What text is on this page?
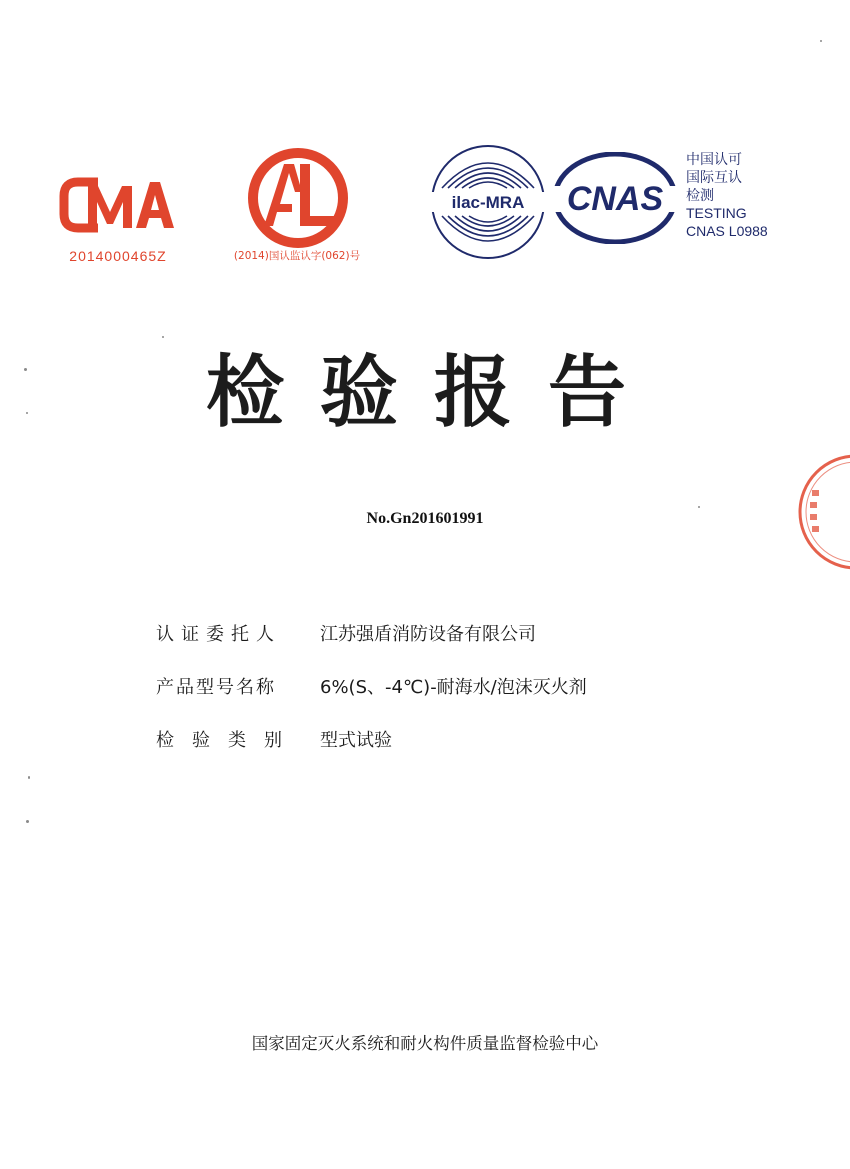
2014000465Z	(2014)国认监认字(062)号
ilac-MRA CNAS
中国认可
国际互认
检测
TESTING
CNAS L0988
检验报告
No.Gn201601991
认证委托人 江苏强盾消防设备有限公司
产品型号名称 6%(S、-4℃)-耐海水/泡沫灭火剂
检验类别 型式试验
国家固定灭火系统和耐火构件质量监督检验中心
